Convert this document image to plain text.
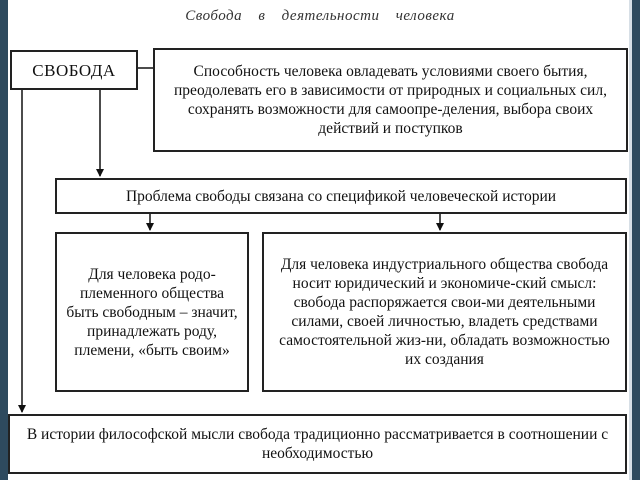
Свобода в деятельности человека
СВОБОДА	Способность человека овладевать условиями своего бытия, преодолевать его в зависимости от природных и социальных сил, сохранять возможности для самоопре-деления, выбора своих действий и поступков
Проблема свободы связана со спецификой человеческой истории
Для человека родо-племенного общества быть свободным – значит, принадлежать роду, племени, «быть своим»
Для человека индустриального общества свобода носит юридический и экономиче-ский смысл: свобода распоряжается свои-ми деятельными силами, своей личностью, владеть средствами самостоятельной жиз-ни, обладать возможностью их создания
В истории философской мысли свобода традиционно рассматривается в соотношении с необходимостью
